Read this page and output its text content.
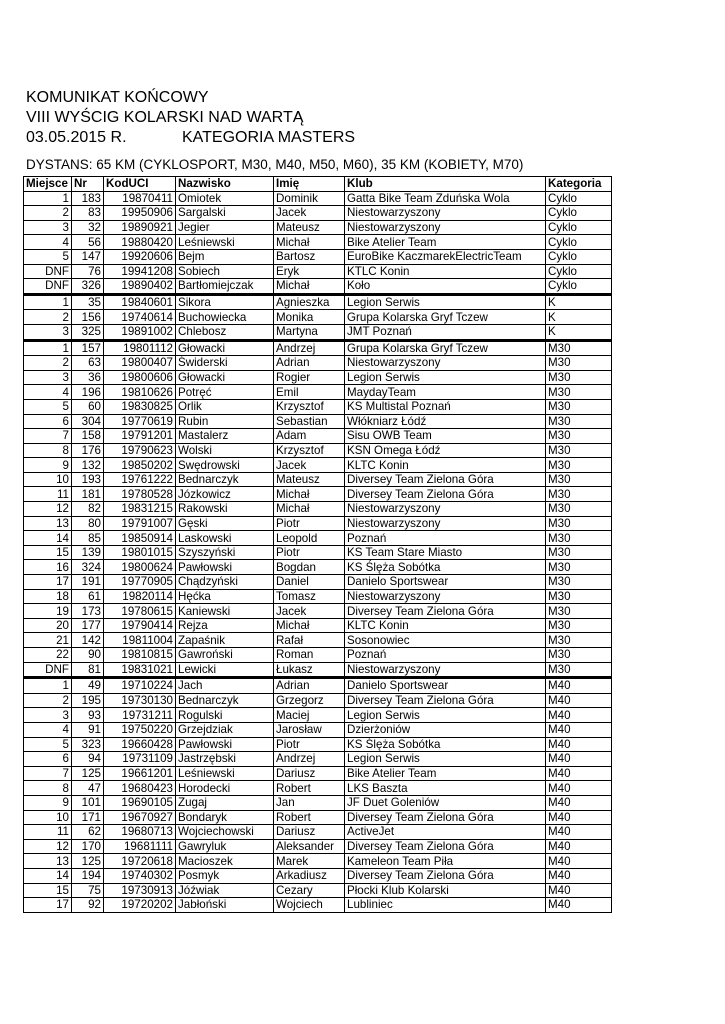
KOMUNIKAT KOŃCOWY
VIII WYŚCIG KOLARSKI NAD WARTĄ
03.05.2015 R.	KATEGORIA MASTERS
DYSTANS: 65 KM (CYKLOSPORT, M30, M40, M50, M60), 35 KM (KOBIETY, M70)
Miejsce	Nr	KodUCI	Nazwisko	Imię	Klub	Kategoria
1	183	19870411	Omiotek	Dominik	Gatta Bike Team Zduńska Wola	Cyklo
2	83	19950906	Sargalski	Jacek	Niestowarzyszony	Cyklo
3	32	19890921	Jegier	Mateusz	Niestowarzyszony	Cyklo
4	56	19880420	Leśniewski	Michał	Bike Atelier Team	Cyklo
5	147	19920606	Bejm	Bartosz	EuroBike KaczmarekElectricTeam	Cyklo
DNF	76	19941208	Sobiech	Eryk	KTLC Konin	Cyklo
DNF	326	19890402	Bartłomiejczak	Michał	Koło	Cyklo
1	35	19840601	Sikora	Agnieszka	Legion Serwis	K
2	156	19740614	Buchowiecka	Monika	Grupa Kolarska Gryf Tczew	K
3	325	19891002	Chlebosz	Martyna	JMT Poznań	K
1	157	19801112	Głowacki	Andrzej	Grupa Kolarska Gryf Tczew	M30
2	63	19800407	Świderski	Adrian	Niestowarzyszony	M30
3	36	19800606	Głowacki	Rogier	Legion Serwis	M30
4	196	19810626	Potręć	Emil	MaydayTeam	M30
5	60	19830825	Orlik	Krzysztof	KS Multistal Poznań	M30
6	304	19770619	Rubin	Sebastian	Włókniarz Łódź	M30
7	158	19791201	Mastalerz	Adam	Sisu OWB Team	M30
8	176	19790623	Wolski	Krzysztof	KSN Omega Łódź	M30
9	132	19850202	Swędrowski	Jacek	KLTC Konin	M30
10	193	19761222	Bednarczyk	Mateusz	Diversey Team Zielona Góra	M30
11	181	19780528	Józkowicz	Michał	Diversey Team Zielona Góra	M30
12	82	19831215	Rakowski	Michał	Niestowarzyszony	M30
13	80	19791007	Gęski	Piotr	Niestowarzyszony	M30
14	85	19850914	Laskowski	Leopold	Poznań	M30
15	139	19801015	Szyszyński	Piotr	KS Team Stare Miasto	M30
16	324	19800624	Pawłowski	Bogdan	KS Ślęża Sobótka	M30
17	191	19770905	Chądzyński	Daniel	Danielo Sportswear	M30
18	61	19820114	Hęćka	Tomasz	Niestowarzyszony	M30
19	173	19780615	Kaniewski	Jacek	Diversey Team Zielona Góra	M30
20	177	19790414	Rejza	Michał	KLTC Konin	M30
21	142	19811004	Zapaśnik	Rafał	Sosonowiec	M30
22	90	19810815	Gawroński	Roman	Poznań	M30
DNF	81	19831021	Lewicki	Łukasz	Niestowarzyszony	M30
1	49	19710224	Jach	Adrian	Danielo Sportswear	M40
2	195	19730130	Bednarczyk	Grzegorz	Diversey Team Zielona Góra	M40
3	93	19731211	Rogulski	Maciej	Legion Serwis	M40
4	91	19750220	Grzejdziak	Jarosław	Dzierżoniów	M40
5	323	19660428	Pawłowski	Piotr	KS Ślęża Sobótka	M40
6	94	19731109	Jastrzębski	Andrzej	Legion Serwis	M40
7	125	19661201	Leśniewski	Dariusz	Bike Atelier Team	M40
8	47	19680423	Horodecki	Robert	LKS Baszta	M40
9	101	19690105	Zugaj	Jan	JF Duet Goleniów	M40
10	171	19670927	Bondaryk	Robert	Diversey Team Zielona Góra	M40
11	62	19680713	Wojciechowski	Dariusz	ActiveJet	M40
12	170	19681111	Gawryluk	Aleksander	Diversey Team Zielona Góra	M40
13	125	19720618	Macioszek	Marek	Kameleon Team Piła	M40
14	194	19740302	Posmyk	Arkadiusz	Diversey Team Zielona Góra	M40
15	75	19730913	Jóźwiak	Cezary	Płocki Klub Kolarski	M40
17	92	19720202	Jabłoński	Wojciech	Lubliniec	M40
